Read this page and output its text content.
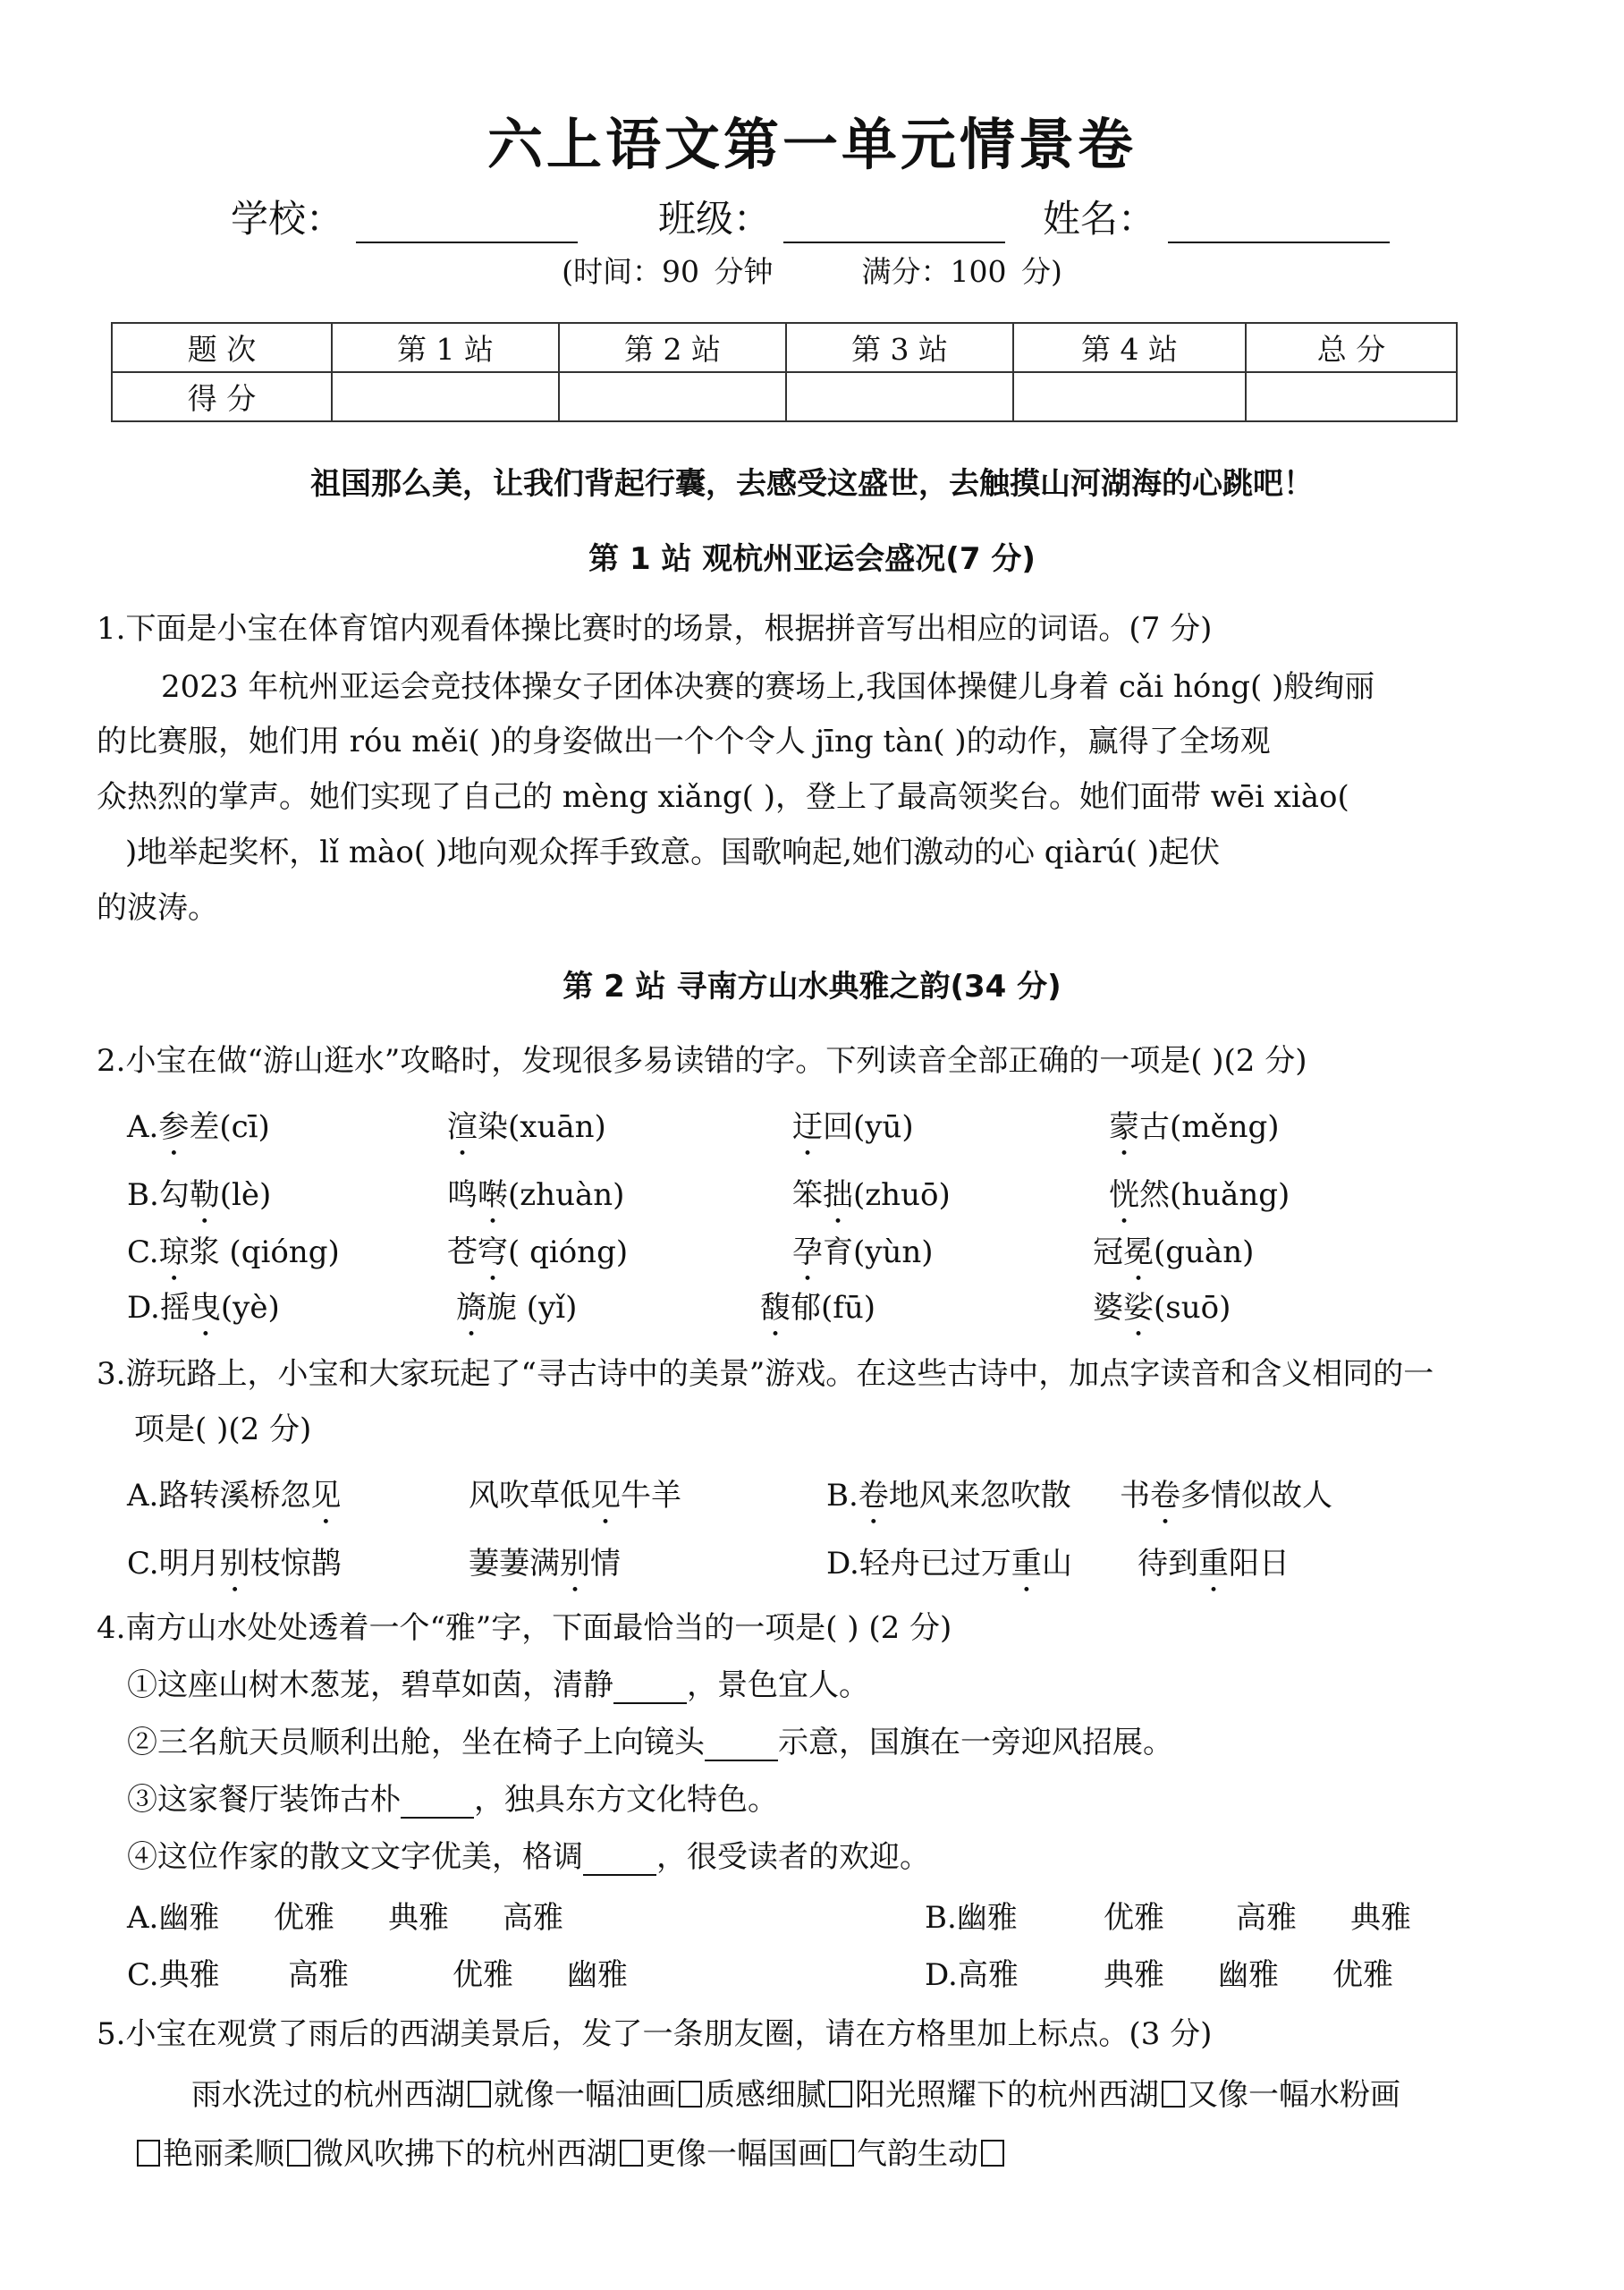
六上语文第一单元情景卷
学校：	班级：	姓名：
(时间：90 分钟	满分：100 分)
题 次	第 1 站	第 2 站	第 3 站	第 4 站	总 分
得 分					
祖国那么美，让我们背起行囊，去感受这盛世，去触摸山河湖海的心跳吧！
第 1 站 观杭州亚运会盛况(7 分)
1.下面是小宝在体育馆内观看体操比赛时的场景，根据拼音写出相应的词语。(7 分)
2023 年杭州亚运会竞技体操女子团体决赛的赛场上,我国体操健儿身着 cǎi hóng( )般绚丽
的比赛服，她们用 róu měi( )的身姿做出一个个令人 jīng tàn( )的动作，赢得了全场观
众热烈的掌声。她们实现了自己的 mèng xiǎng( )，登上了最高领奖台。她们面带 wēi xiào(
)地举起奖杯，lǐ mào( )地向观众挥手致意。国歌响起,她们激动的心 qiàrú( )起伏
的波涛。
第 2 站 寻南方山水典雅之韵(34 分)
2.小宝在做“游山逛水”攻略时，发现很多易读错的字。下列读音全部正确的一项是( )(2 分)
A.参差(cī)	渲染(xuān)	迂回(yū)	蒙古(měng)
B.勾勒(lè)	鸣啭(zhuàn)	笨拙(zhuō)	恍然(huǎng)
C.琼浆 (qióng)	苍穹( qióng)	孕育(yùn)	冠冕(guàn)
D.摇曳(yè)	旖旎 (yǐ)	馥郁(fū)	婆娑(suō)
3.游玩路上，小宝和大家玩起了“寻古诗中的美景”游戏。在这些古诗中，加点字读音和含义相同的一
项是( )(2 分)
A.路转溪桥忽见	风吹草低见牛羊	B.卷地风来忽吹散 书卷多情似故人
C.明月别枝惊鹊	萋萋满别情	D.轻舟已过万重山 待到重阳日
4.南方山水处处透着一个“雅”字，下面最恰当的一项是( ) (2 分)
①这座山树木葱茏，碧草如茵，清静 ，景色宜人。
②三名航天员顺利出舱，坐在椅子上向镜头 示意，国旗在一旁迎风招展。
③这家餐厅装饰古朴 ，独具东方文化特色。
④这位作家的散文文字优美，格调 ，很受读者的欢迎。
A.幽雅 优雅 典雅 高雅	B.幽雅	优雅 高雅 典雅
C.典雅 高雅	优雅 幽雅	D.高雅	典雅 幽雅 优雅
5.小宝在观赏了雨后的西湖美景后，发了一条朋友圈，请在方格里加上标点。(3 分)
雨水洗过的杭州西湖 就像一幅油画 质感细腻 阳光照耀下的杭州西湖 又像一幅水粉画
艳丽柔顺 微风吹拂下的杭州西湖 更像一幅国画 气韵生动
